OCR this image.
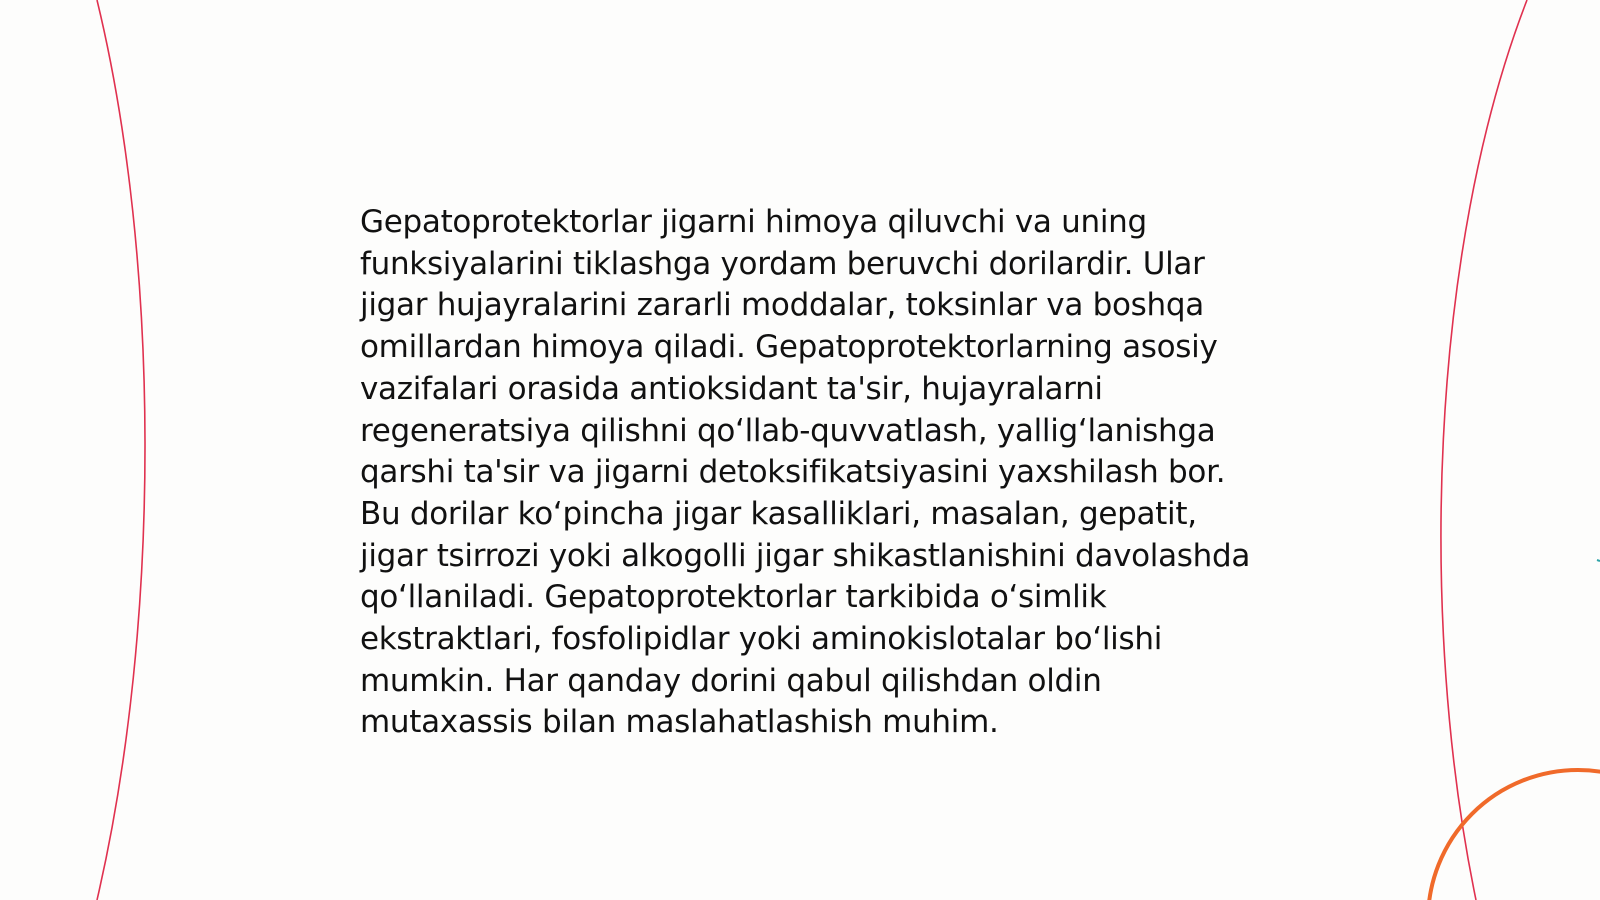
Gepatoprotektorlar jigarni himoya qiluvchi va uning funksiyalarini tiklashga yordam beruvchi dorilardir. Ular jigar hujayralarini zararli moddalar, toksinlar va boshqa omillardan himoya qiladi. Gepatoprotektorlarning asosiy vazifalari orasida antioksidant ta'sir, hujayralarni regeneratsiya qilishni qoʻllab-quvvatlash, yalligʻlanishga qarshi ta'sir va jigarni detoksifikatsiyasini yaxshilash bor. Bu dorilar koʻpincha jigar kasalliklari, masalan, gepatit, jigar tsirrozi yoki alkogolli jigar shikastlanishini davolashda qoʻllaniladi. Gepatoprotektorlar tarkibida oʻsimlik ekstraktlari, fosfolipidlar yoki aminokislotalar boʻlishi mumkin. Har qanday dorini qabul qilishdan oldin mutaxassis bilan maslahatlashish muhim.
